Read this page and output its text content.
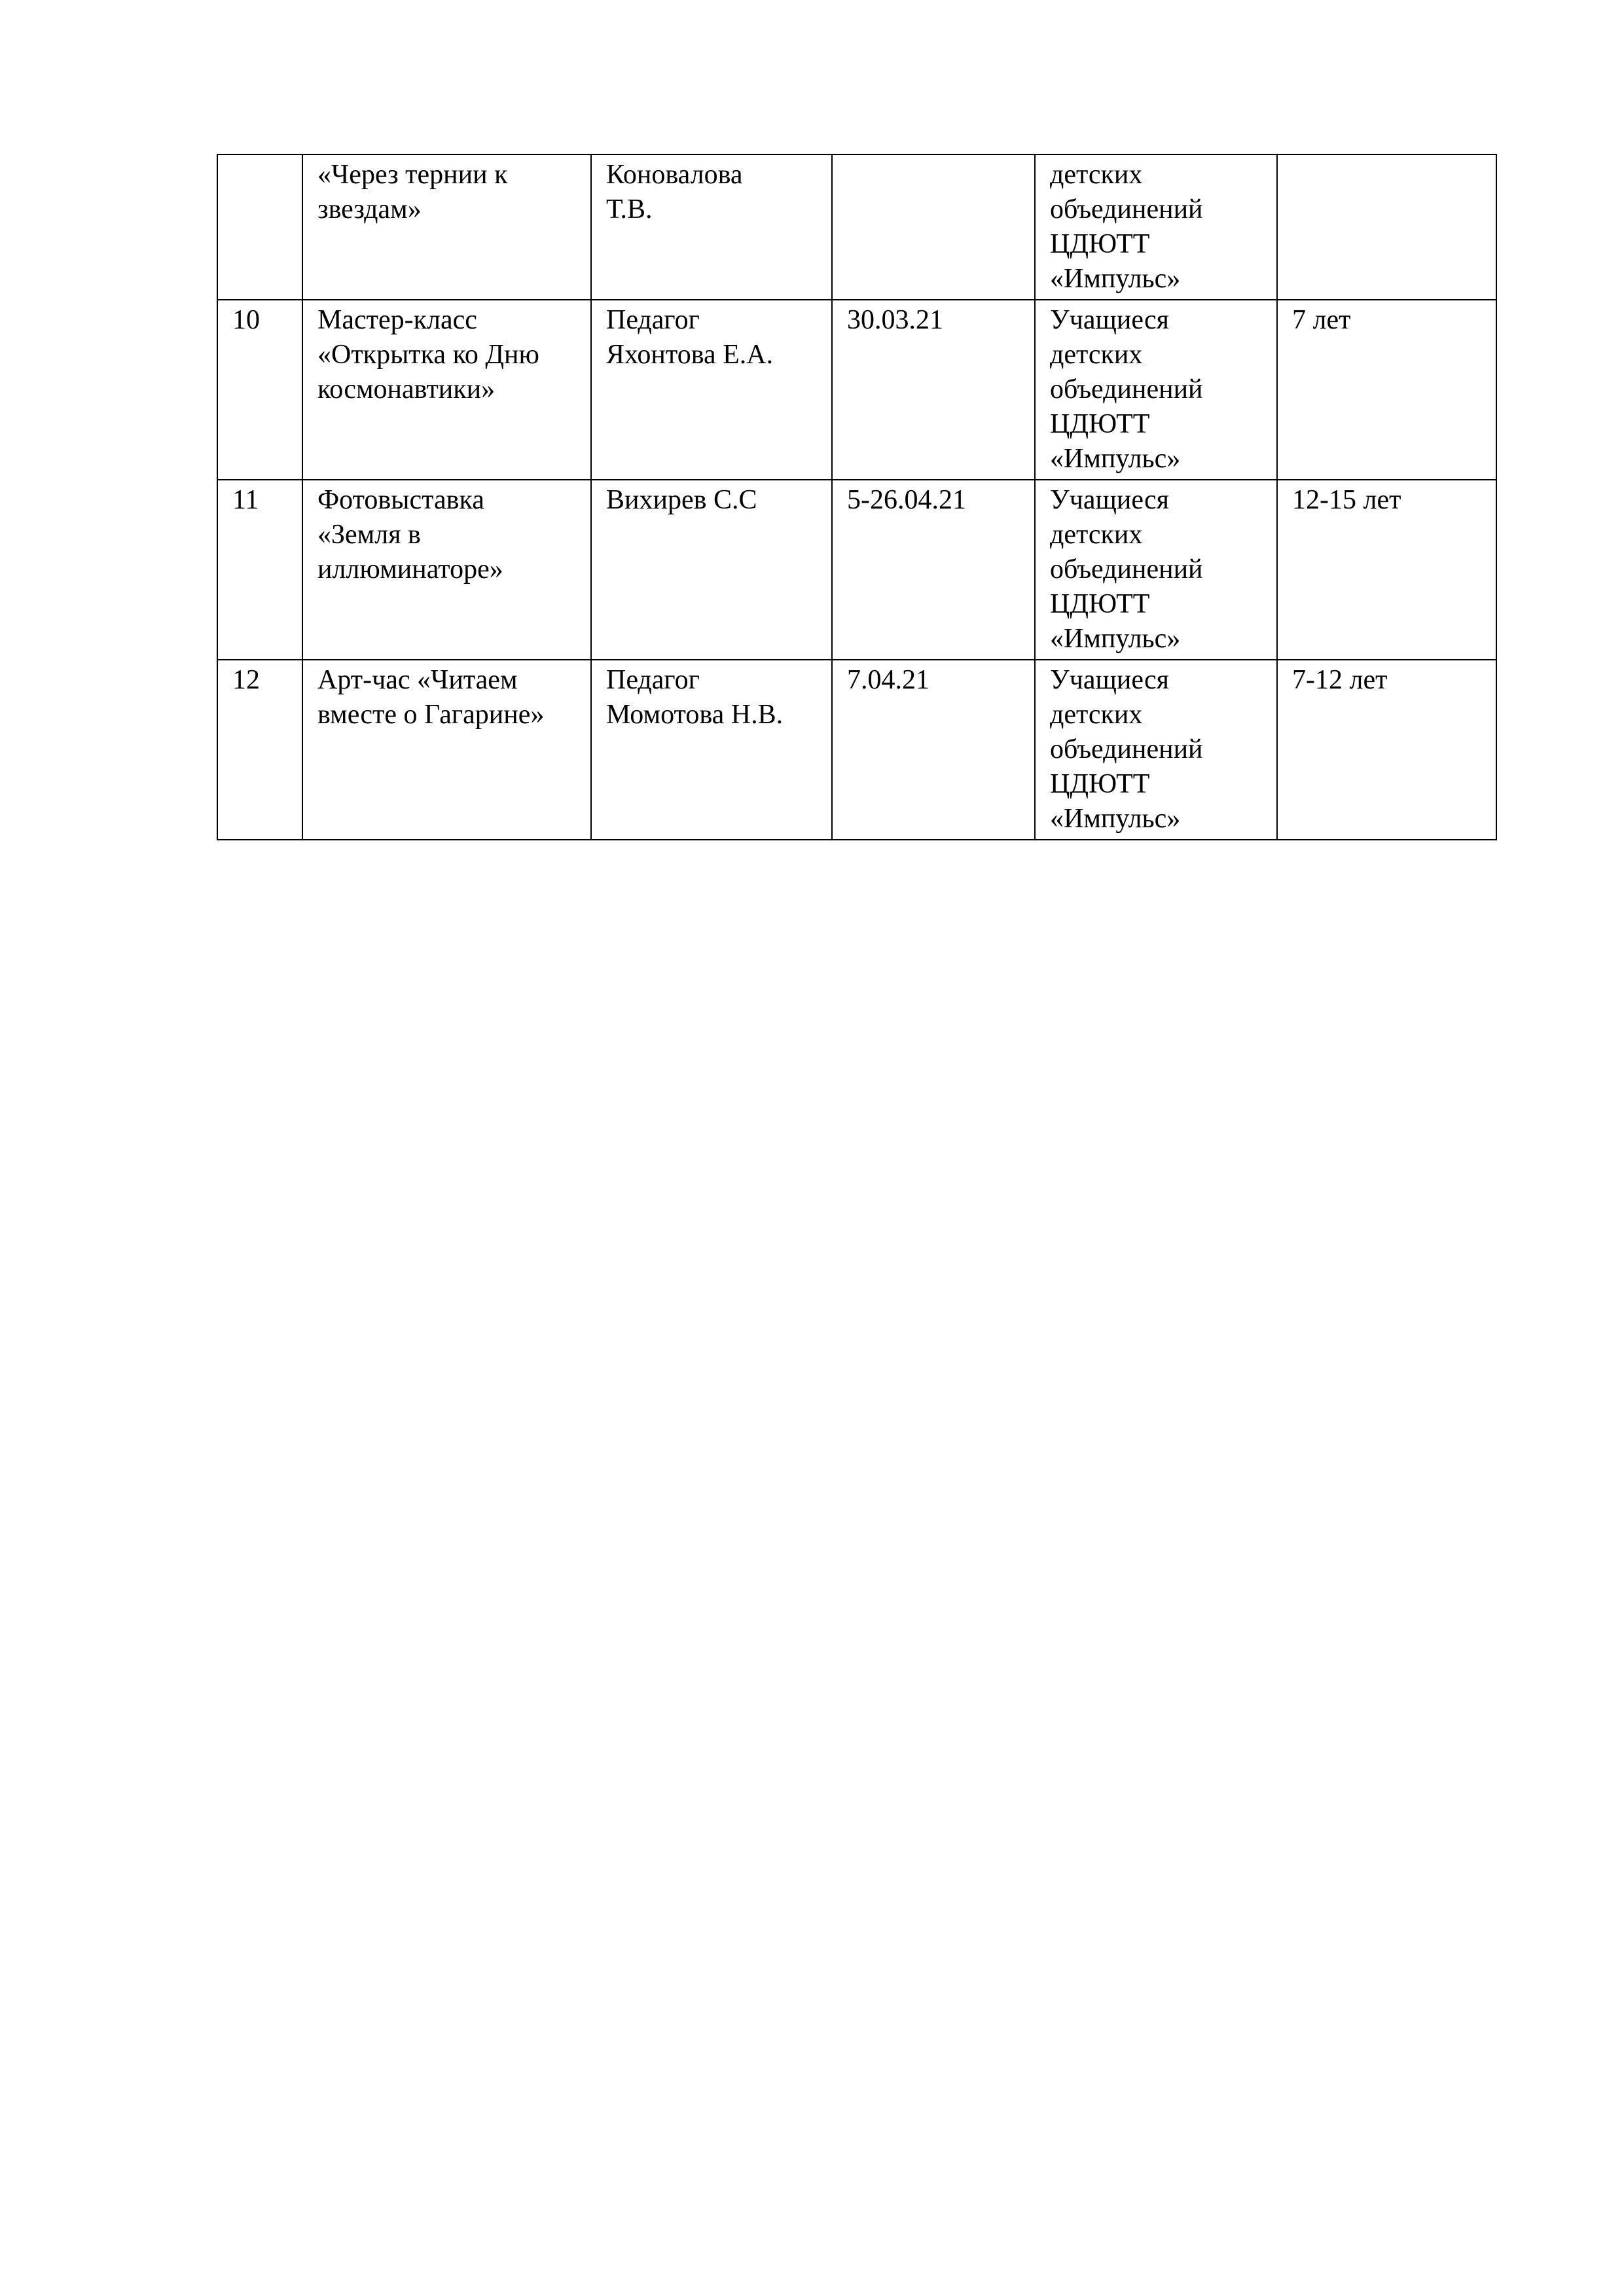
	«Через тернии к
звездам»	Коновалова
Т.В.		детских
объединений
ЦДЮТТ
«Импульс»	

10	Мастер-класс
«Открытка ко Дню
космонавтики»	Педагог
Яхонтова Е.А.	30.03.21	Учащиеся
детских
объединений
ЦДЮТТ
«Импульс»	7 лет

11	Фотовыставка
«Земля в
иллюминаторе»	Вихирев С.С	5-26.04.21	Учащиеся
детских
объединений
ЦДЮТТ
«Импульс»	12-15 лет

12	Арт-час «Читаем
вместе о Гагарине»	Педагог
Момотова Н.В.	7.04.21	Учащиеся
детских
объединений
ЦДЮТТ
«Импульс»	7-12 лет
